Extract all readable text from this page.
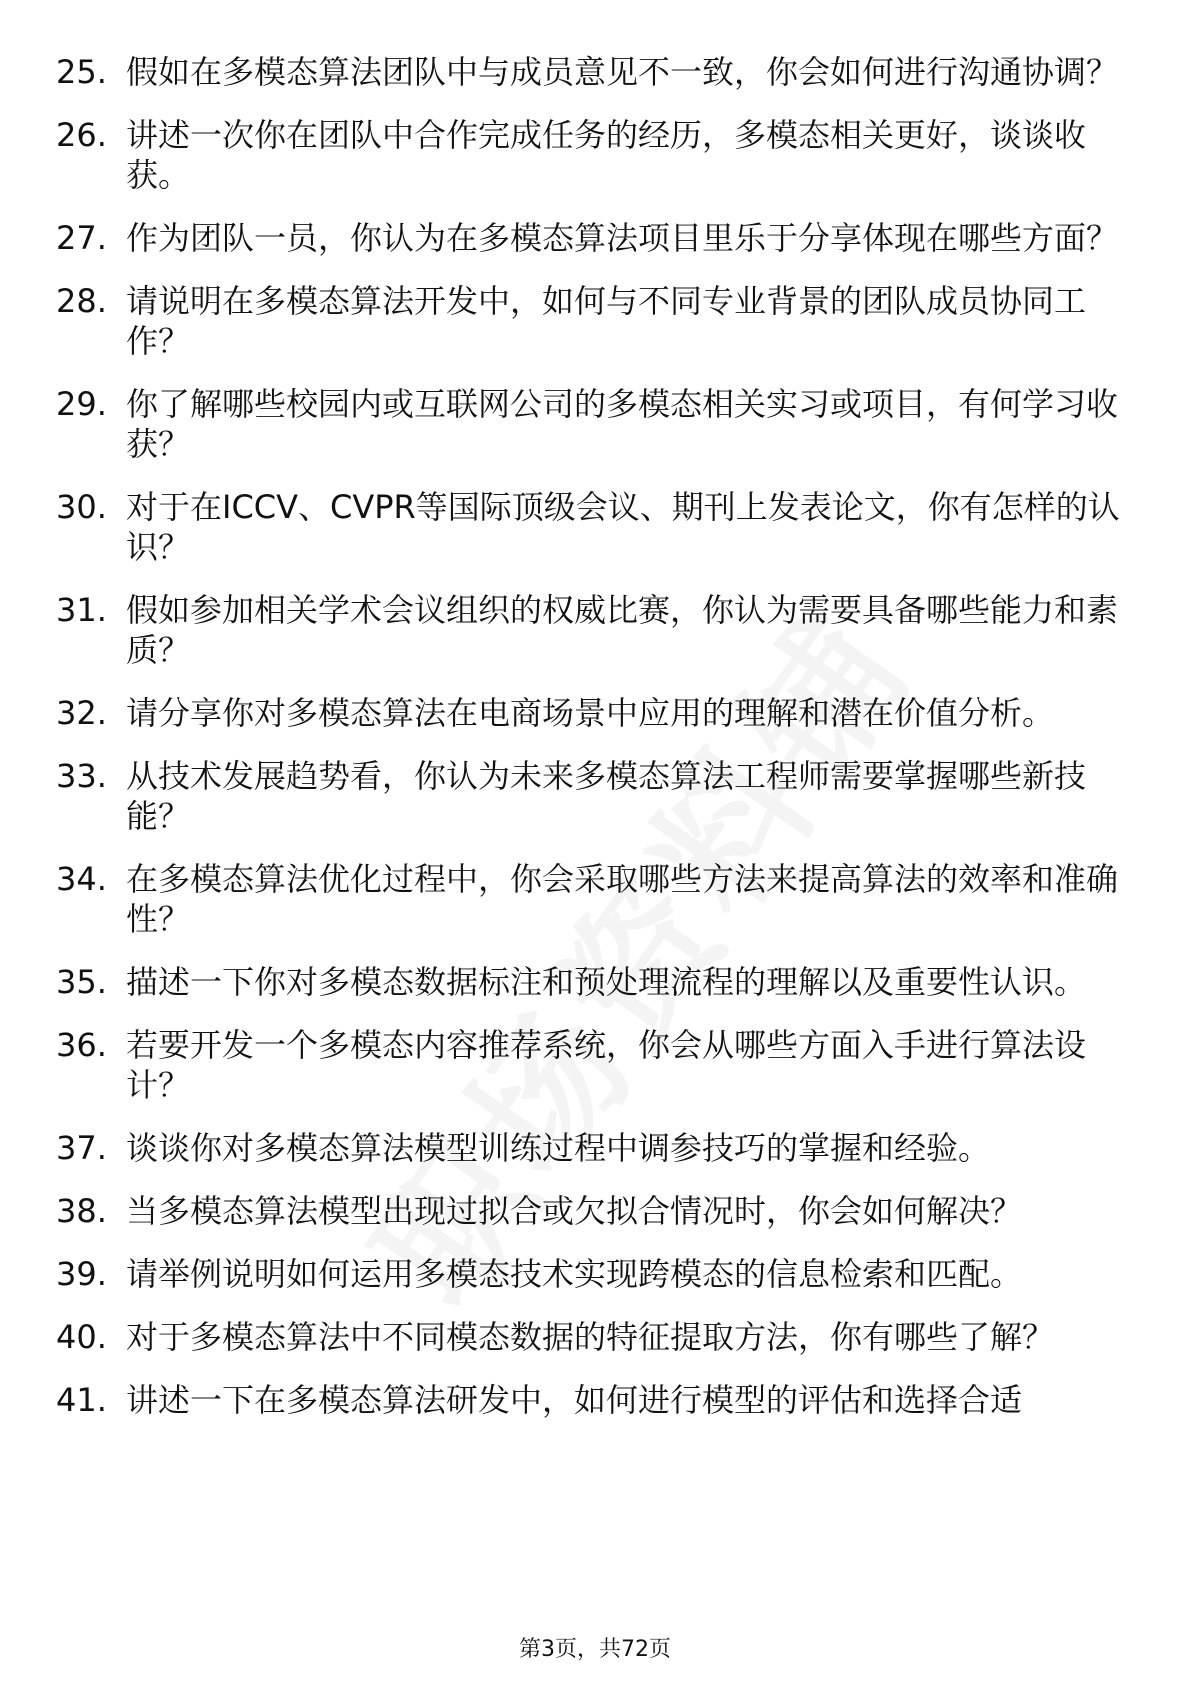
25. 假如在多模态算法团队中与成员意见不一致，你会如何进行沟通协调？
26. 讲述一次你在团队中合作完成任务的经历，多模态相关更好，谈谈收获。
27. 作为团队一员，你认为在多模态算法项目里乐于分享体现在哪些方面？
28. 请说明在多模态算法开发中，如何与不同专业背景的团队成员协同工作？
29. 你了解哪些校园内或互联网公司的多模态相关实习或项目，有何学习收获？
30. 对于在ICCV、CVPR等国际顶级会议、期刊上发表论文，你有怎样的认识？
31. 假如参加相关学术会议组织的权威比赛，你认为需要具备哪些能力和素质？
32. 请分享你对多模态算法在电商场景中应用的理解和潜在价值分析。
33. 从技术发展趋势看，你认为未来多模态算法工程师需要掌握哪些新技能？
34. 在多模态算法优化过程中，你会采取哪些方法来提高算法的效率和准确性？
35. 描述一下你对多模态数据标注和预处理流程的理解以及重要性认识。
36. 若要开发一个多模态内容推荐系统，你会从哪些方面入手进行算法设计？
37. 谈谈你对多模态算法模型训练过程中调参技巧的掌握和经验。
38. 当多模态算法模型出现过拟合或欠拟合情况时，你会如何解决？
39. 请举例说明如何运用多模态技术实现跨模态的信息检索和匹配。
40. 对于多模态算法中不同模态数据的特征提取方法，你有哪些了解？
41. 讲述一下在多模态算法研发中，如何进行模型的评估和选择合适
第3页，共72页
